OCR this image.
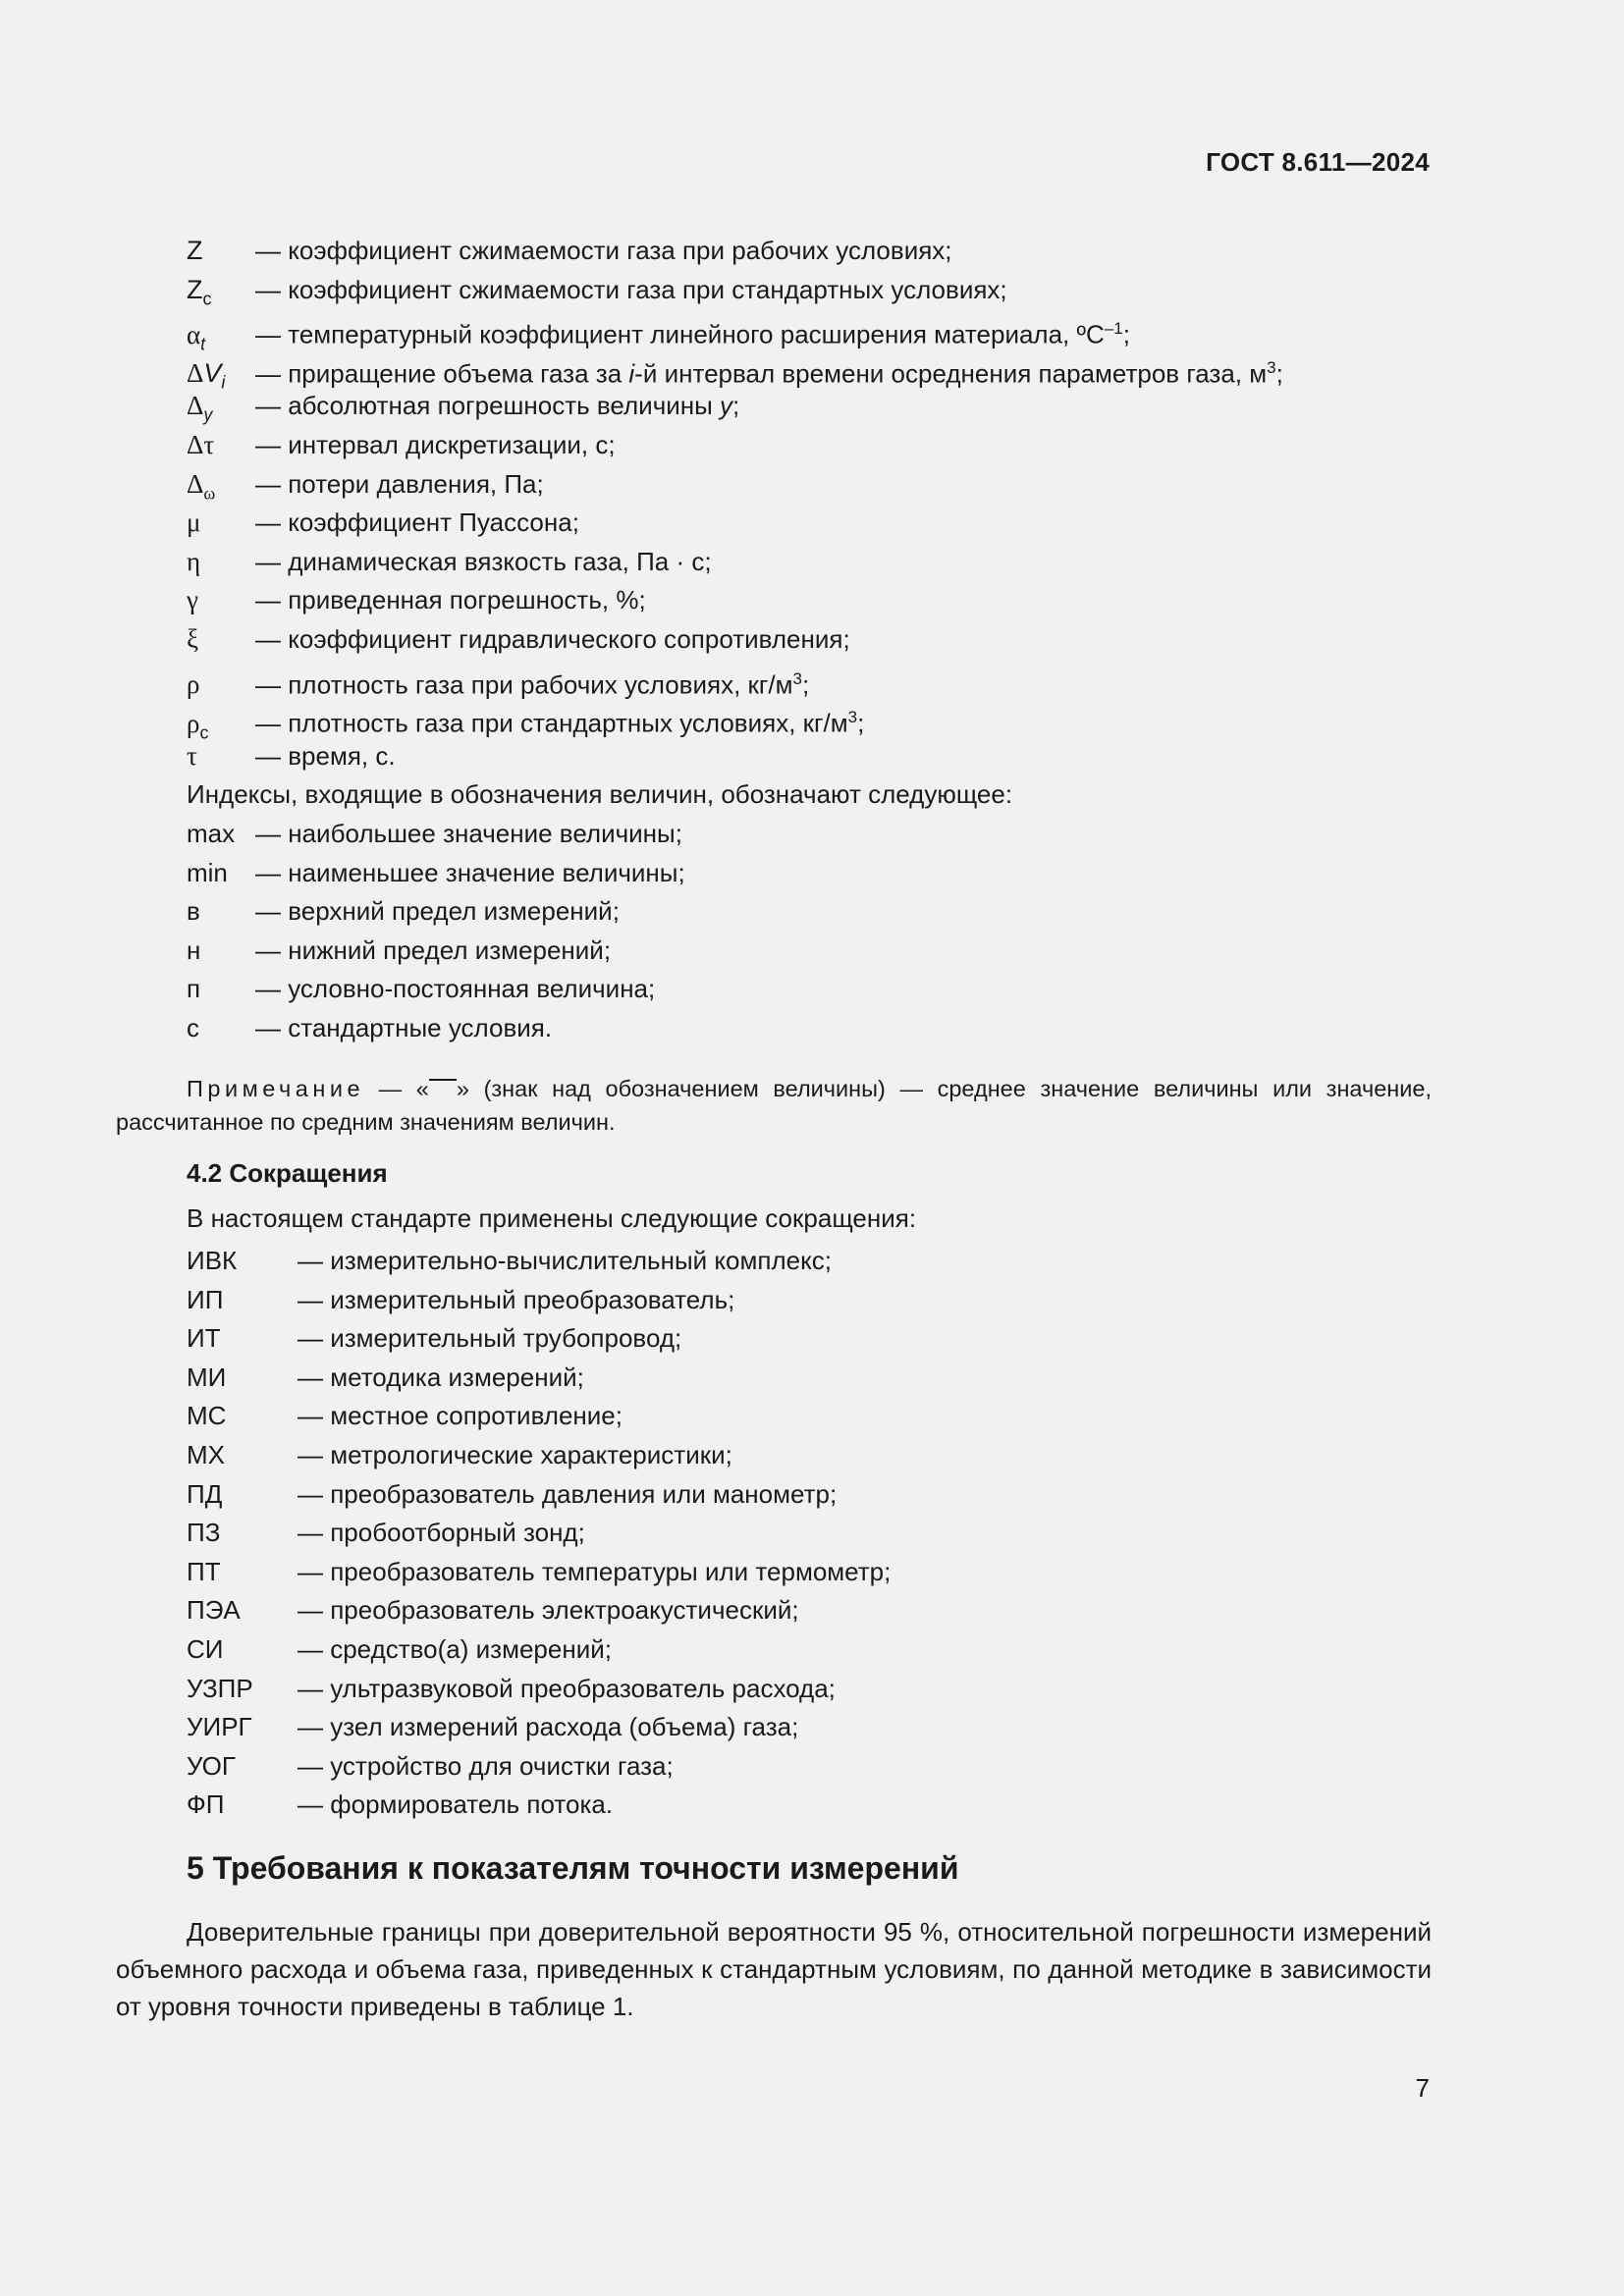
ГОСТ 8.611—2024
Z	— коэффициент сжимаемости газа при рабочих условиях;
$Z_с$	— коэффициент сжимаемости газа при стандартных условиях;
$\alpha_t$	— температурный коэффициент линейного расширения материала, ºС$^{-1}$;
$\Delta V_i$	— приращение объема газа за i-й интервал времени осреднения параметров газа, $м^3$;
$\Delta_y$	— абсолютная погрешность величины у;
Δτ	— интервал дискретизации, с;
$\Delta_\omega$	— потери давления, Па;
μ	— коэффициент Пуассона;
η	— динамическая вязкость газа, Па · с;
γ	— приведенная погрешность, %;
ξ	— коэффициент гидравлического сопротивления;
ρ	— плотность газа при рабочих условиях, $кг/м^3$;
$\rho_с$	— плотность газа при стандартных условиях, $кг/м^3$;
τ	— время, с.
Индексы, входящие в обозначения величин, обозначают следующее:
max — наибольшее значение величины;
min	— наименьшее значение величины;
в	— верхний предел измерений;
н	— нижний предел измерений;
п	— условно-постоянная величина;
с	— стандартные условия.
Примечание — « » (знак над обозначением величины) — среднее значение величины или значение, рассчитанное по средним значениям величин.
4.2 Сокращения
В настоящем стандарте применены следующие сокращения:
ИВК	— измерительно-вычислительный комплекс;
ИП	— измерительный преобразователь;
ИТ	— измерительный трубопровод;
МИ	— методика измерений;
МС	— местное сопротивление;
МХ	— метрологические характеристики;
ПД	— преобразователь давления или манометр;
ПЗ	— пробоотборный зонд;
ПТ	— преобразователь температуры или термометр;
ПЭА	— преобразователь электроакустический;
СИ	— средство(а) измерений;
УЗПР	— ультразвуковой преобразователь расхода;
УИРГ	— узел измерений расхода (объема) газа;
УОГ	— устройство для очистки газа;
ФП	— формирователь потока.
5 Требования к показателям точности измерений
Доверительные границы при доверительной вероятности 95 %, относительной погрешности измерений объемного расхода и объема газа, приведенных к стандартным условиям, по данной методике в зависимости от уровня точности приведены в таблице 1.
7
